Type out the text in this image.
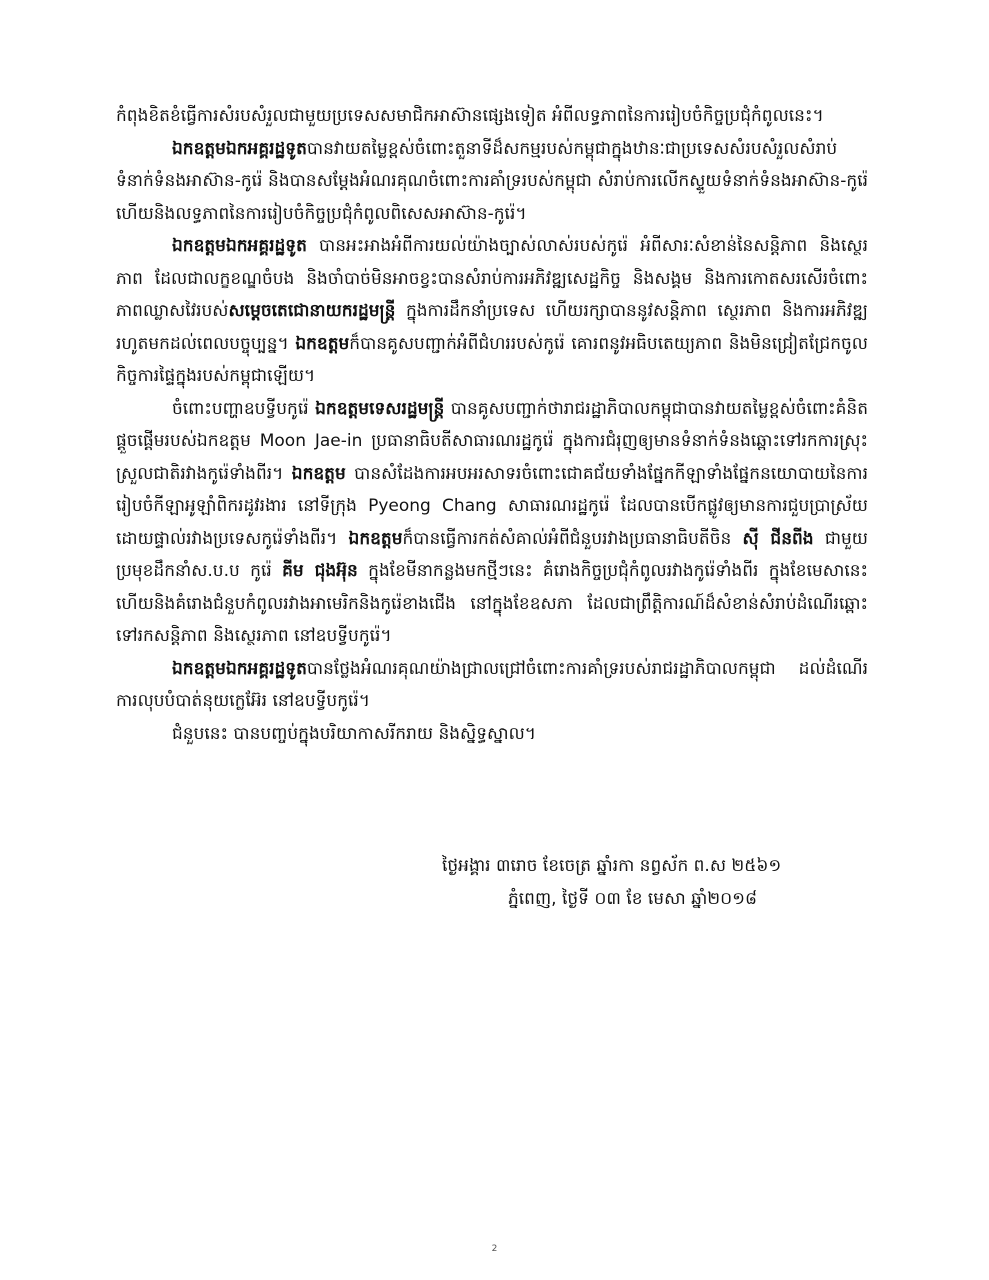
កំពុងខិតខំធ្វើការសំរបសំរួលជាមួយប្រទេសសមាជិកអាស៊ានផ្សេងទៀត អំពីលទ្ធភាពនៃការរៀបចំកិច្ចប្រជុំកំពូលនេះ។

ឯកឧត្តមឯកអគ្គរដ្ឋទូតបានវាយតម្លៃខ្ពស់ចំពោះតួនាទីដ៏សកម្មរបស់កម្ពុជាក្នុងឋានៈជាប្រទេសសំរបសំរួលសំរាប់ទំនាក់ទំនងអាស៊ាន-កូរ៉េ និងបានសម្តែងអំណរគុណចំពោះការគាំទ្ររបស់កម្ពុជា សំរាប់ការលើកស្ទួយទំនាក់ទំនងអាស៊ាន-កូរ៉េ ហើយនិងលទ្ធភាពនៃការរៀបចំកិច្ចប្រជុំកំពូលពិសេសអាស៊ាន-កូរ៉េ។

ឯកឧត្តមឯកអគ្គរដ្ឋទូត បានអះអាងអំពីការយល់យ៉ាងច្បាស់លាស់របស់កូរ៉េ អំពីសារៈសំខាន់នៃសន្តិភាព និងស្ថេរភាព ដែលជាលក្ខខណ្ឌចំបង និងចាំបាច់មិនអាចខ្វះបានសំរាប់ការអភិវឌ្ឍសេដ្ឋកិច្ច និងសង្គម និងការកោតសរសើរចំពោះភាពឈ្លាសវៃរបស់សម្តេចតេជោនាយករដ្ឋមន្ត្រី ក្នុងការដឹកនាំប្រទេស ហើយរក្សាបាននូវសន្តិភាព ស្ថេរភាព និងការអភិវឌ្ឍ រហូតមកដល់ពេលបច្ចុប្បន្ន។ ឯកឧត្តមក៏បានគូសបញ្ជាក់អំពីជំហររបស់កូរ៉េ គោរពនូវអធិបតេយ្យភាព និងមិនជ្រៀតជ្រែកចូលកិច្ចការផ្ទៃក្នុងរបស់កម្ពុជាឡើយ។

ចំពោះបញ្ហាឧបទ្វីបកូរ៉េ ឯកឧត្តមទេសរដ្ឋមន្ត្រី បានគូសបញ្ជាក់ថារាជរដ្ឋាភិបាលកម្ពុជាបានវាយតម្លៃខ្ពស់ចំពោះគំនិតផ្តួចផ្តើមរបស់ឯកឧត្តម Moon Jae-in ប្រធានាធិបតីសាធារណរដ្ឋកូរ៉េ ក្នុងការជំរុញឲ្យមានទំនាក់ទំនងឆ្ពោះទៅរកការស្រុះស្រួលជាតិរវាងកូរ៉េទាំងពីរ។ ឯកឧត្តម បានសំដែងការអបអរសាទរចំពោះជោគជ័យទាំងផ្នែកកីឡាទាំងផ្នែកនយោបាយនៃការរៀបចំកីឡាអូឡាំពិករដូវរងារ នៅទីក្រុង Pyeong Chang សាធារណរដ្ឋកូរ៉េ ដែលបានបើកផ្លូវឲ្យមានការជួបប្រាស្រ័យដោយផ្ទាល់រវាងប្រទេសកូរ៉េទាំងពីរ។ ឯកឧត្តមក៏បានធ្វើការកត់សំគាល់អំពីជំនួបរវាងប្រធានាធិបតីចិន ស៊ី ជីនពីង ជាមួយប្រមុខដឹកនាំស.ប.ប កូរ៉េ គីម ជុងអ៊ុន ក្នុងខែមីនាកន្លងមកថ្មីៗនេះ គំរោងកិច្ចប្រជុំកំពូលរវាងកូរ៉េទាំងពីរ ក្នុងខែមេសានេះ ហើយនិងគំរោងជំនួបកំពូលរវាងអាមេរិកនិងកូរ៉េខាងជើង នៅក្នុងខែឧសភា ដែលជាព្រឹត្តិការណ៍ដ៏សំខាន់សំរាប់ដំណើរឆ្ពោះទៅរកសន្តិភាព និងស្ថេរភាព នៅឧបទ្វីបកូរ៉េ។

ឯកឧត្តមឯកអគ្គរដ្ឋទូតបានថ្លែងអំណរគុណយ៉ាងជ្រាលជ្រៅចំពោះការគាំទ្ររបស់រាជរដ្ឋាភិបាលកម្ពុជា ដល់ដំណើរការលុបបំបាត់នុយក្លេអ៊ែរ នៅឧបទ្វីបកូរ៉េ។

ជំនួបនេះ បានបញ្ចប់ក្នុងបរិយាកាសរីករាយ និងស្និទ្ធស្នាល។

ថ្ងៃអង្គារ ៣រោច ខែចេត្រ ឆ្នាំរកា នព្វស័ក ព.ស ២៥៦១

ភ្នំពេញ, ថ្ងៃទី ០៣ ខែ មេសា ឆ្នាំ២០១៨

2
